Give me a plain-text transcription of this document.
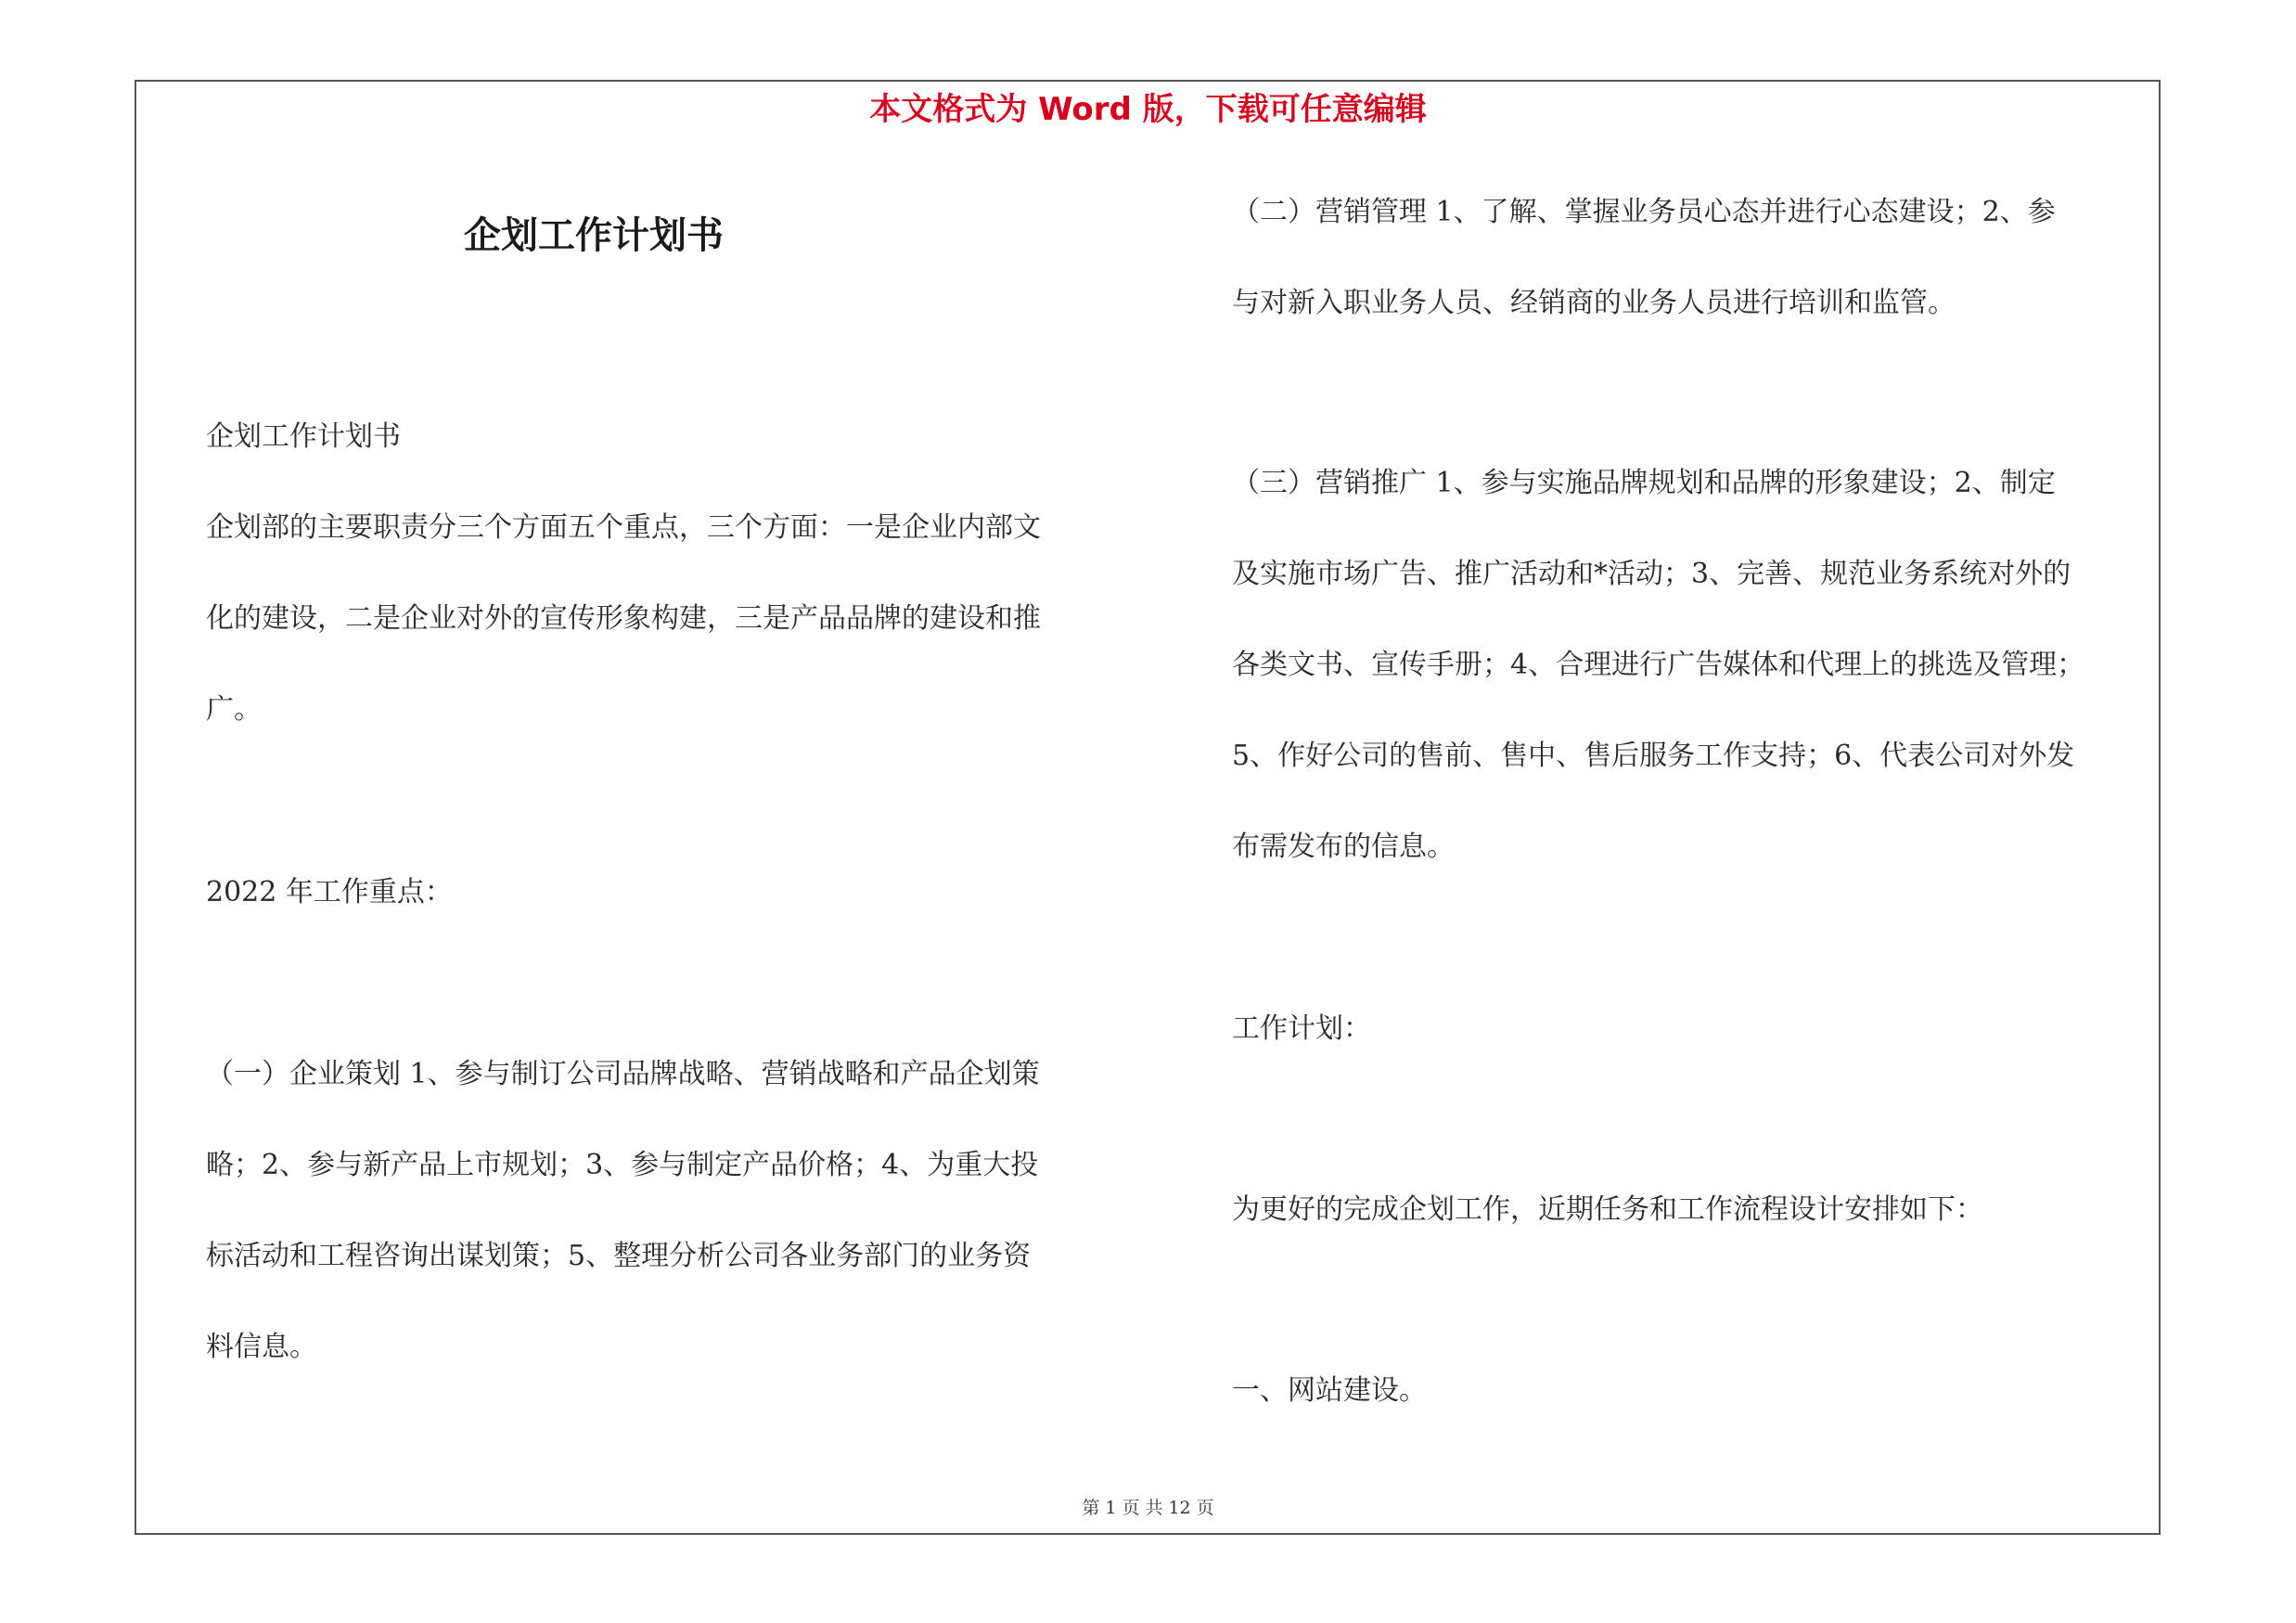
本文格式为 Word 版，下载可任意编辑
企划工作计划书

企划工作计划书

企划部的主要职责分三个方面五个重点，三个方面：一是企业内部文
化的建设，二是企业对外的宣传形象构建，三是产品品牌的建设和推
广。

2022 年工作重点：

（一）企业策划 1、参与制订公司品牌战略、营销战略和产品企划策
略；2、参与新产品上市规划；3、参与制定产品价格；4、为重大投
标活动和工程咨询出谋划策；5、整理分析公司各业务部门的业务资
料信息。
（二）营销管理 1、了解、掌握业务员心态并进行心态建设；2、参
与对新入职业务人员、经销商的业务人员进行培训和监管。
（三）营销推广 1、参与实施品牌规划和品牌的形象建设；2、制定
及实施市场广告、推广活动和*活动；3、完善、规范业务系统对外的
各类文书、宣传手册；4、合理进行广告媒体和代理上的挑选及管理；
5、作好公司的售前、售中、售后服务工作支持；6、代表公司对外发
布需发布的信息。

工作计划：

为更好的完成企划工作，近期任务和工作流程设计安排如下：

一、网站建设。

第 1 页 共 12 页
